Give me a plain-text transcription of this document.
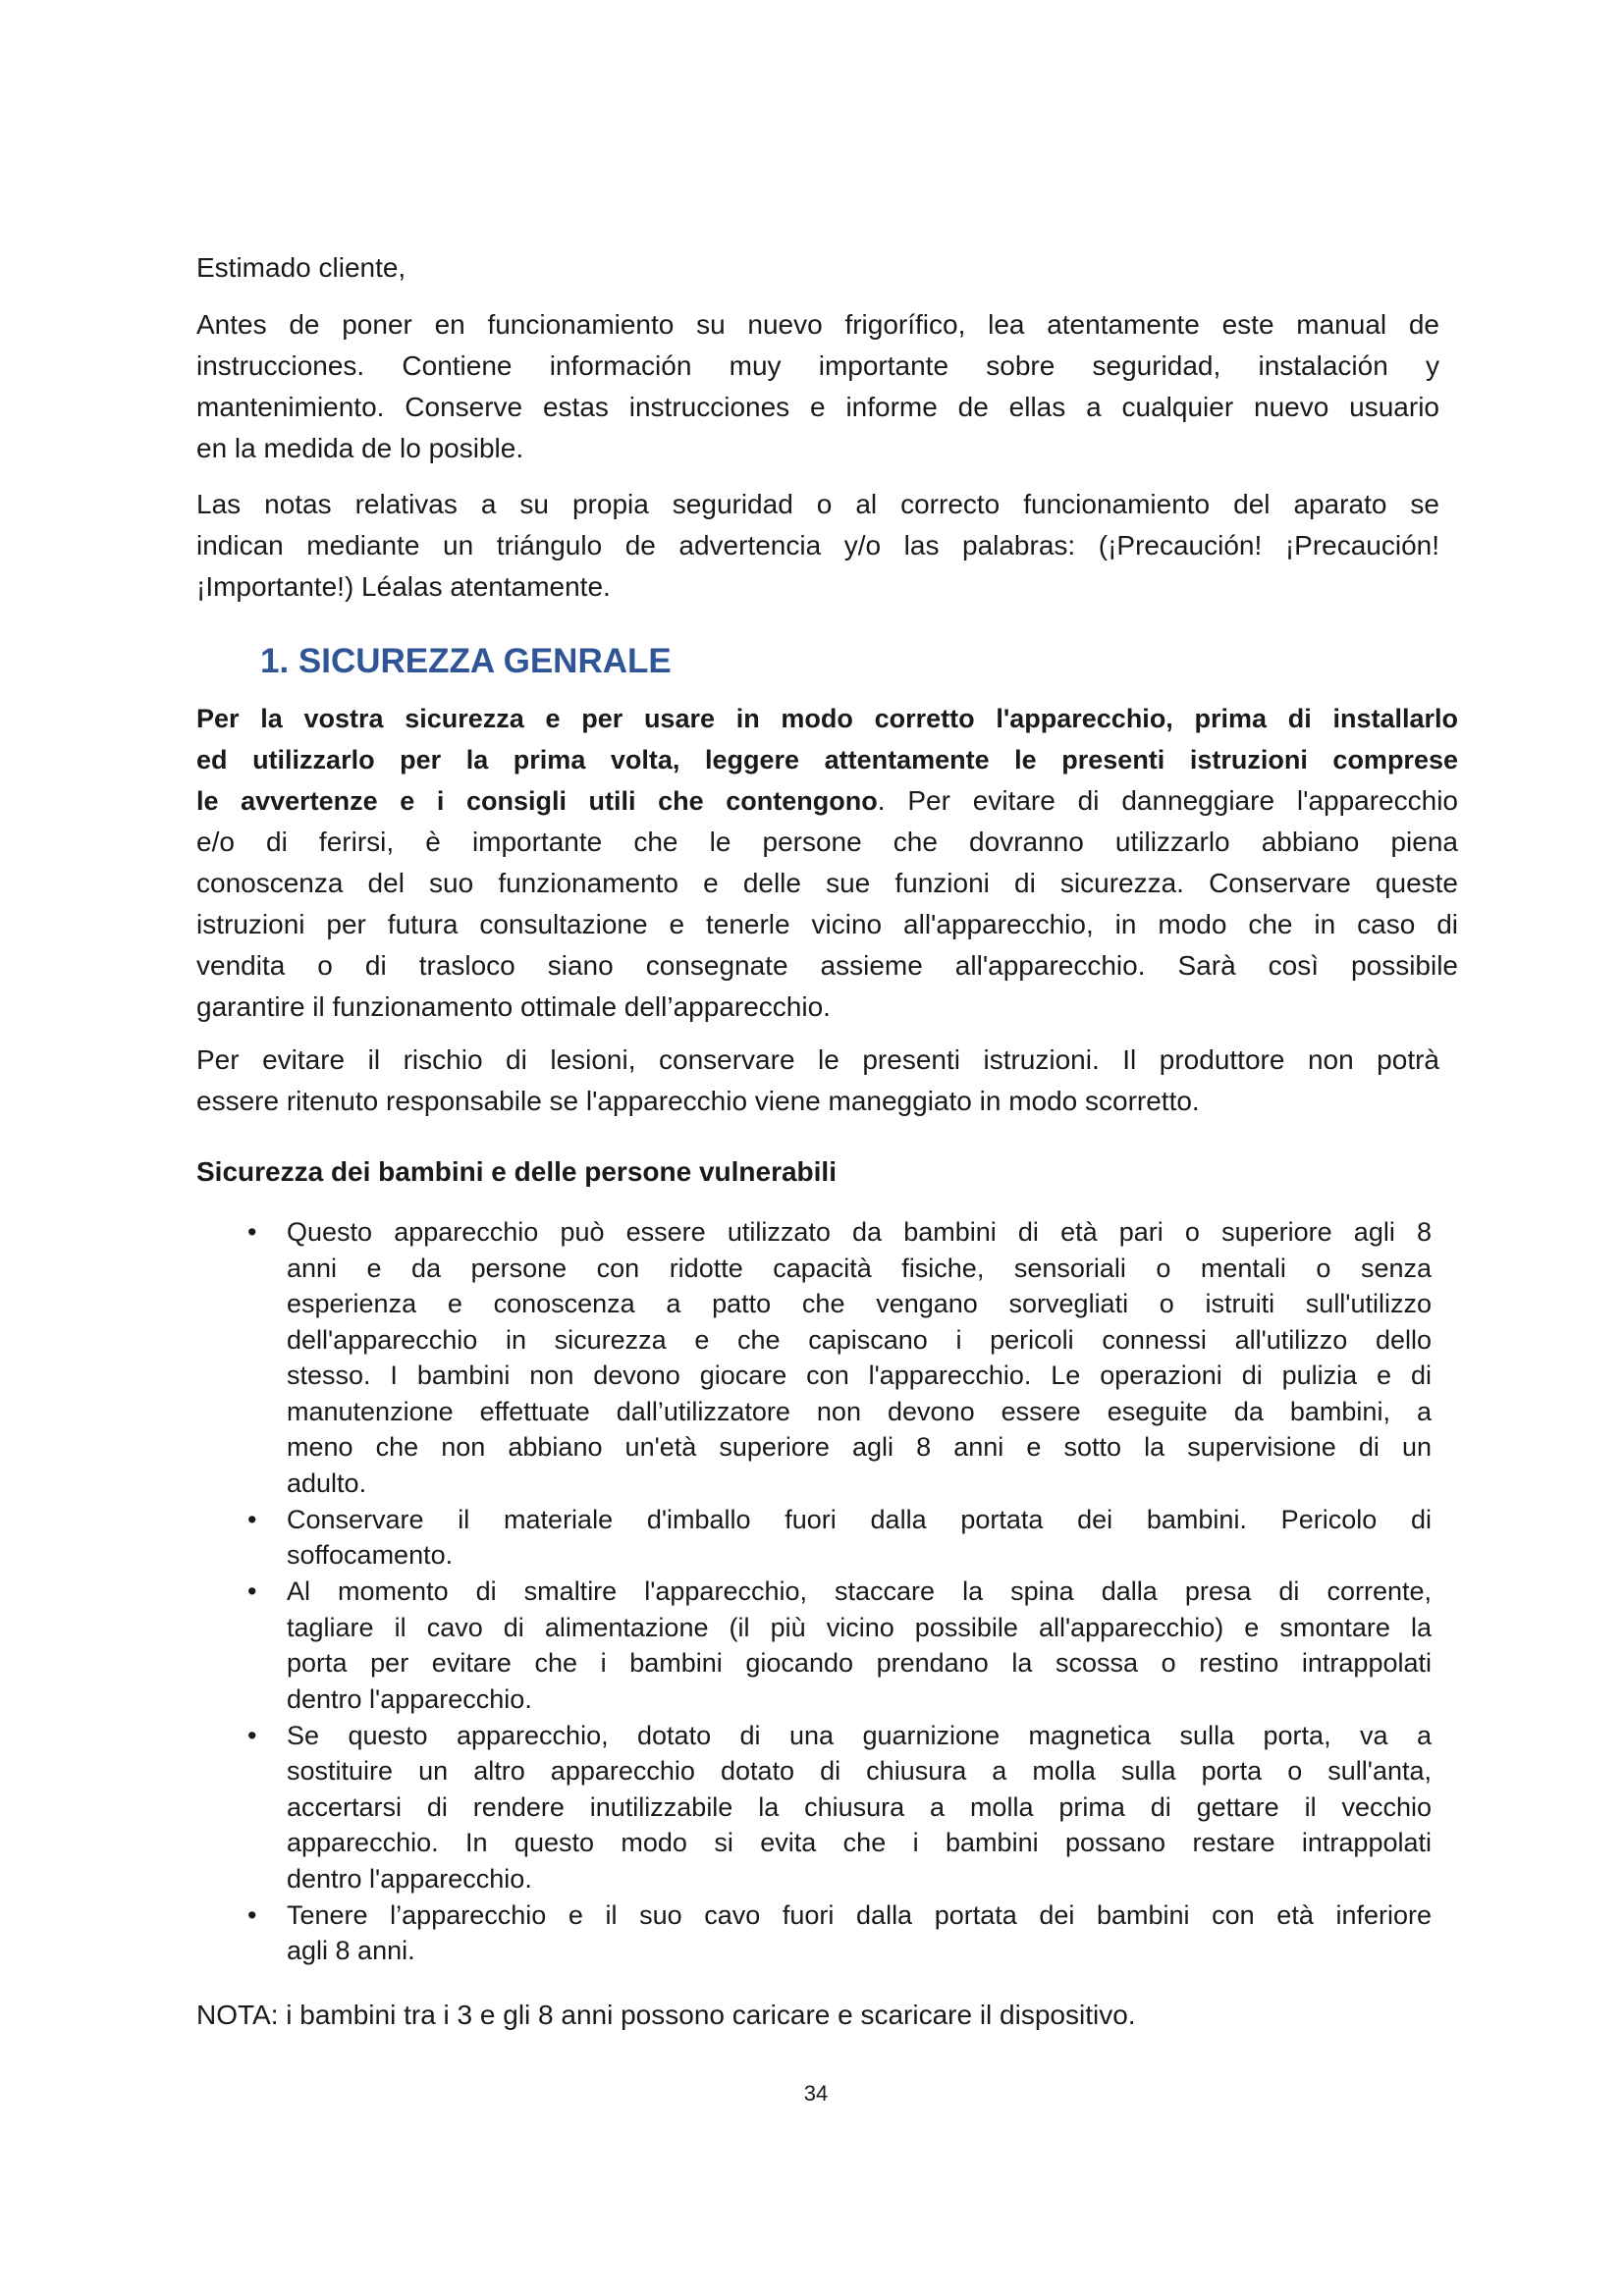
Estimado cliente,
Antes de poner en funcionamiento su nuevo frigorífico, lea atentamente este manual de
instrucciones. Contiene información muy importante sobre seguridad, instalación y
mantenimiento. Conserve estas instrucciones e informe de ellas a cualquier nuevo usuario
en la medida de lo posible.
Las notas relativas a su propia seguridad o al correcto funcionamiento del aparato se
indican mediante un triángulo de advertencia y/o las palabras: (¡Precaución! ¡Precaución!
¡Importante!) Léalas atentamente.
1. SICUREZZA GENRALE
Per la vostra sicurezza e per usare in modo corretto l'apparecchio, prima di installarlo
ed utilizzarlo per la prima volta, leggere attentamente le presenti istruzioni comprese
le avvertenze e i consigli utili che contengono. Per evitare di danneggiare l'apparecchio
e/o di ferirsi, è importante che le persone che dovranno utilizzarlo abbiano piena
conoscenza del suo funzionamento e delle sue funzioni di sicurezza. Conservare queste
istruzioni per futura consultazione e tenerle vicino all'apparecchio, in modo che in caso di
vendita o di trasloco siano consegnate assieme all'apparecchio. Sarà così possibile
garantire il funzionamento ottimale dell’apparecchio.
Per evitare il rischio di lesioni, conservare le presenti istruzioni. Il produttore non potrà
essere ritenuto responsabile se l'apparecchio viene maneggiato in modo scorretto.
Sicurezza dei bambini e delle persone vulnerabili
• Questo apparecchio può essere utilizzato da bambini di età pari o superiore agli 8
anni e da persone con ridotte capacità fisiche, sensoriali o mentali o senza
esperienza e conoscenza a patto che vengano sorvegliati o istruiti sull'utilizzo
dell'apparecchio in sicurezza e che capiscano i pericoli connessi all'utilizzo dello
stesso. I bambini non devono giocare con l'apparecchio. Le operazioni di pulizia e di
manutenzione effettuate dall’utilizzatore non devono essere eseguite da bambini, a
meno che non abbiano un'età superiore agli 8 anni e sotto la supervisione di un
adulto.
• Conservare il materiale d'imballo fuori dalla portata dei bambini. Pericolo di
soffocamento.
• Al momento di smaltire l'apparecchio, staccare la spina dalla presa di corrente,
tagliare il cavo di alimentazione (il più vicino possibile all'apparecchio) e smontare la
porta per evitare che i bambini giocando prendano la scossa o restino intrappolati
dentro l'apparecchio.
• Se questo apparecchio, dotato di una guarnizione magnetica sulla porta, va a
sostituire un altro apparecchio dotato di chiusura a molla sulla porta o sull'anta,
accertarsi di rendere inutilizzabile la chiusura a molla prima di gettare il vecchio
apparecchio. In questo modo si evita che i bambini possano restare intrappolati
dentro l'apparecchio.
• Tenere l’apparecchio e il suo cavo fuori dalla portata dei bambini con età inferiore
agli 8 anni.
NOTA: i bambini tra i 3 e gli 8 anni possono caricare e scaricare il dispositivo.
34
